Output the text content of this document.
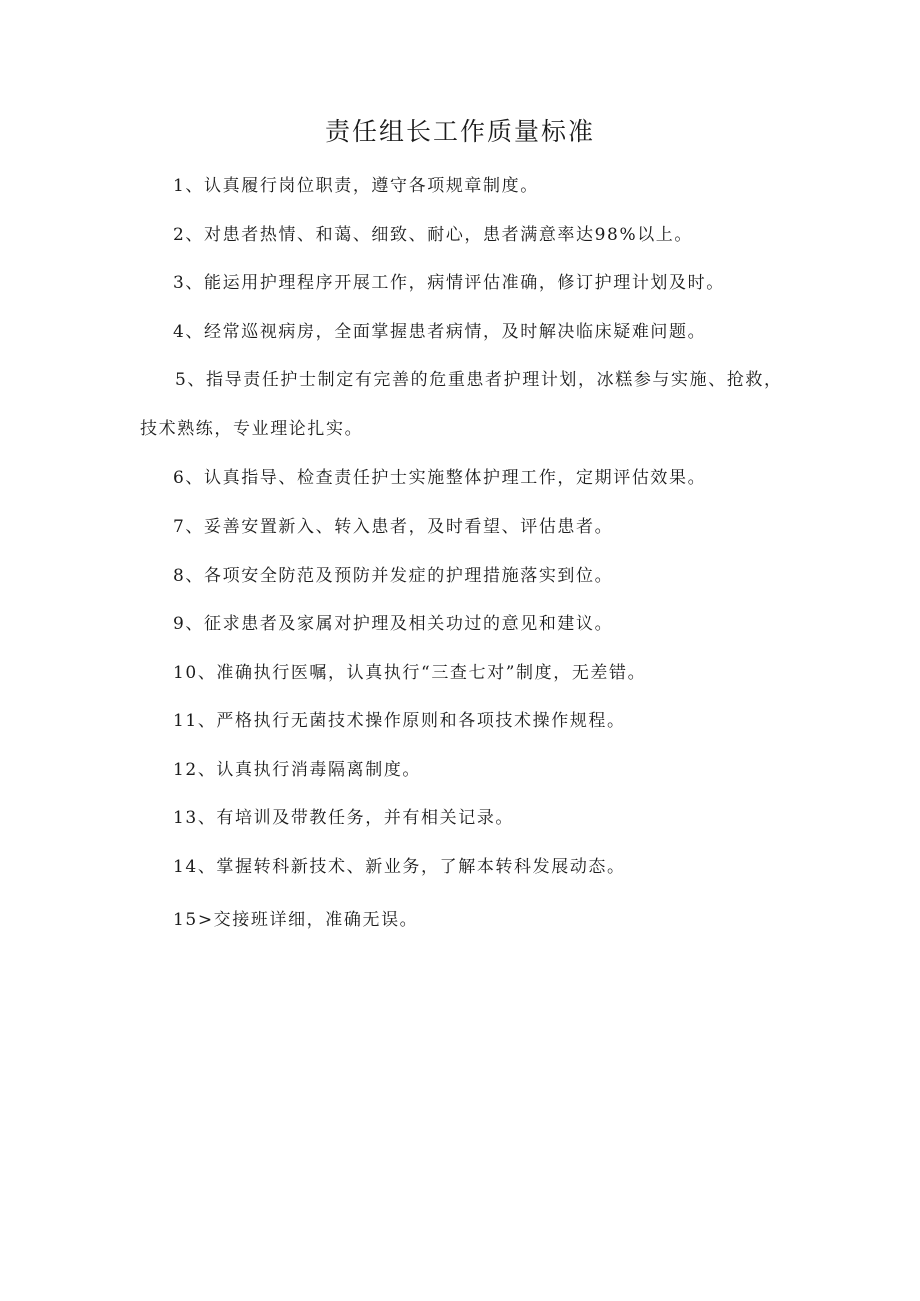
责任组长工作质量标准
1、认真履行岗位职责，遵守各项规章制度。
2、对患者热情、和蔼、细致、耐心，患者满意率达98%以上。
3、能运用护理程序开展工作，病情评估准确，修订护理计划及时。
4、经常巡视病房，全面掌握患者病情，及时解决临床疑难问题。
5、指导责任护士制定有完善的危重患者护理计划，冰糕参与实施、抢救，
技术熟练，专业理论扎实。
6、认真指导、检查责任护士实施整体护理工作，定期评估效果。
7、妥善安置新入、转入患者，及时看望、评估患者。
8、各项安全防范及预防并发症的护理措施落实到位。
9、征求患者及家属对护理及相关功过的意见和建议。
10、准确执行医嘱，认真执行“三查七对”制度，无差错。
11、严格执行无菌技术操作原则和各项技术操作规程。
12、认真执行消毒隔离制度。
13、有培训及带教任务，并有相关记录。
14、掌握转科新技术、新业务，了解本转科发展动态。
15>交接班详细，准确无误。
